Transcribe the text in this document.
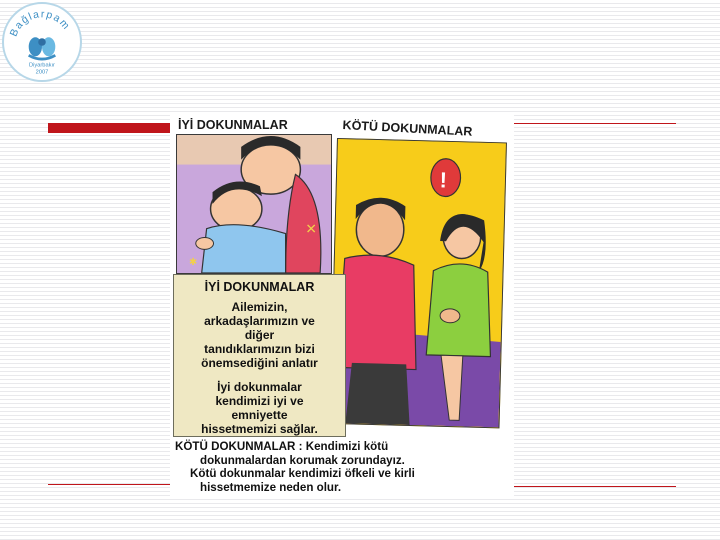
Bağlarpam
Diyarbakır
2007
İYİ DOKUNMALAR	KÖTÜ DOKUNMALAR
✕
✱
!
İYİ DOKUNMALAR
Ailemizin,
arkadaşlarımızın ve
diğer
tanıdıklarımızın bizi
önemsediğini anlatır
İyi dokunmalar
kendimizi iyi ve
emniyette
hissetmemizi sağlar.
KÖTÜ DOKUNMALAR : Kendimizi kötü
dokunmalardan korumak zorundayız.
Kötü dokunmalar kendimizi öfkeli ve kirli
hissetmemize neden olur.
